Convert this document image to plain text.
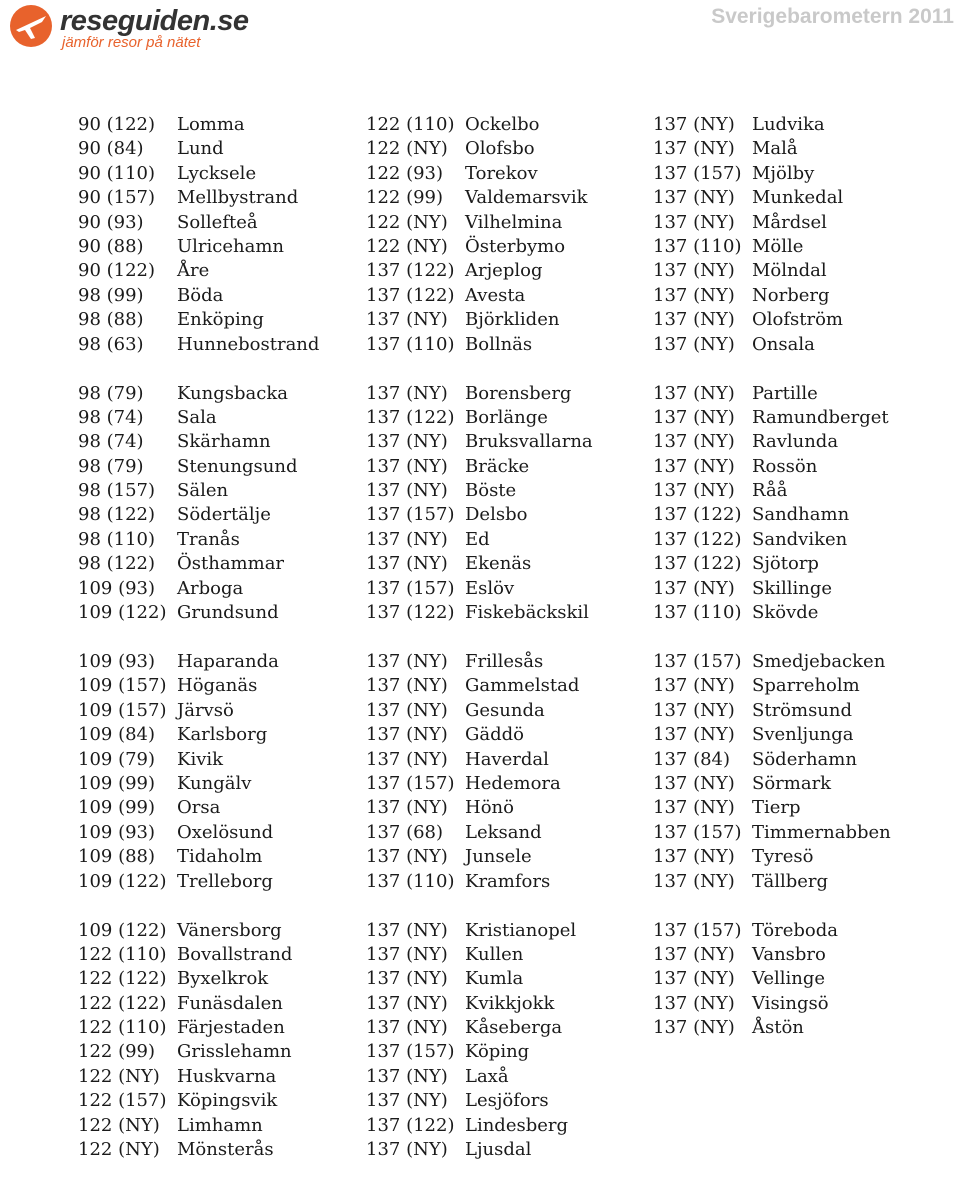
reseguiden.se
jämför resor på nätet
Sverigebarometern 2011
90 (122) Lomma
90 (84) Lund
90 (110) Lycksele
90 (157) Mellbystrand
90 (93) Sollefteå
90 (88) Ulricehamn
90 (122) Åre
98 (99) Böda
98 (88) Enköping
98 (63) Hunnebostrand
98 (79) Kungsbacka
98 (74) Sala
98 (74) Skärhamn
98 (79) Stenungsund
98 (157) Sälen
98 (122) Södertälje
98 (110) Tranås
98 (122) Östhammar
109 (93) Arboga
109 (122) Grundsund
109 (93) Haparanda
109 (157) Höganäs
109 (157) Järvsö
109 (84) Karlsborg
109 (79) Kivik
109 (99) Kungälv
109 (99) Orsa
109 (93) Oxelösund
109 (88) Tidaholm
109 (122) Trelleborg
109 (122) Vänersborg
122 (110) Bovallstrand
122 (122) Byxelkrok
122 (122) Funäsdalen
122 (110) Färjestaden
122 (99) Grisslehamn
122 (NY) Huskvarna
122 (157) Köpingsvik
122 (NY) Limhamn
122 (NY) Mönsterås
122 (110) Ockelbo
122 (NY) Olofsbo
122 (93) Torekov
122 (99) Valdemarsvik
122 (NY) Vilhelmina
122 (NY) Österbymo
137 (122) Arjeplog
137 (122) Avesta
137 (NY) Björkliden
137 (110) Bollnäs
137 (NY) Borensberg
137 (122) Borlänge
137 (NY) Bruksvallarna
137 (NY) Bräcke
137 (NY) Böste
137 (157) Delsbo
137 (NY) Ed
137 (NY) Ekenäs
137 (157) Eslöv
137 (122) Fiskebäckskil
137 (NY) Frillesås
137 (NY) Gammelstad
137 (NY) Gesunda
137 (NY) Gäddö
137 (NY) Haverdal
137 (157) Hedemora
137 (NY) Hönö
137 (68) Leksand
137 (NY) Junsele
137 (110) Kramfors
137 (NY) Kristianopel
137 (NY) Kullen
137 (NY) Kumla
137 (NY) Kvikkjokk
137 (NY) Kåseberga
137 (157) Köping
137 (NY) Laxå
137 (NY) Lesjöfors
137 (122) Lindesberg
137 (NY) Ljusdal
137 (NY) Ludvika
137 (NY) Malå
137 (157) Mjölby
137 (NY) Munkedal
137 (NY) Mårdsel
137 (110) Mölle
137 (NY) Mölndal
137 (NY) Norberg
137 (NY) Olofström
137 (NY) Onsala
137 (NY) Partille
137 (NY) Ramundberget
137 (NY) Ravlunda
137 (NY) Rossön
137 (NY) Råå
137 (122) Sandhamn
137 (122) Sandviken
137 (122) Sjötorp
137 (NY) Skillinge
137 (110) Skövde
137 (157) Smedjebacken
137 (NY) Sparreholm
137 (NY) Strömsund
137 (NY) Svenljunga
137 (84) Söderhamn
137 (NY) Sörmark
137 (NY) Tierp
137 (157) Timmernabben
137 (NY) Tyresö
137 (NY) Tällberg
137 (157) Töreboda
137 (NY) Vansbro
137 (NY) Vellinge
137 (NY) Visingsö
137 (NY) Åstön
